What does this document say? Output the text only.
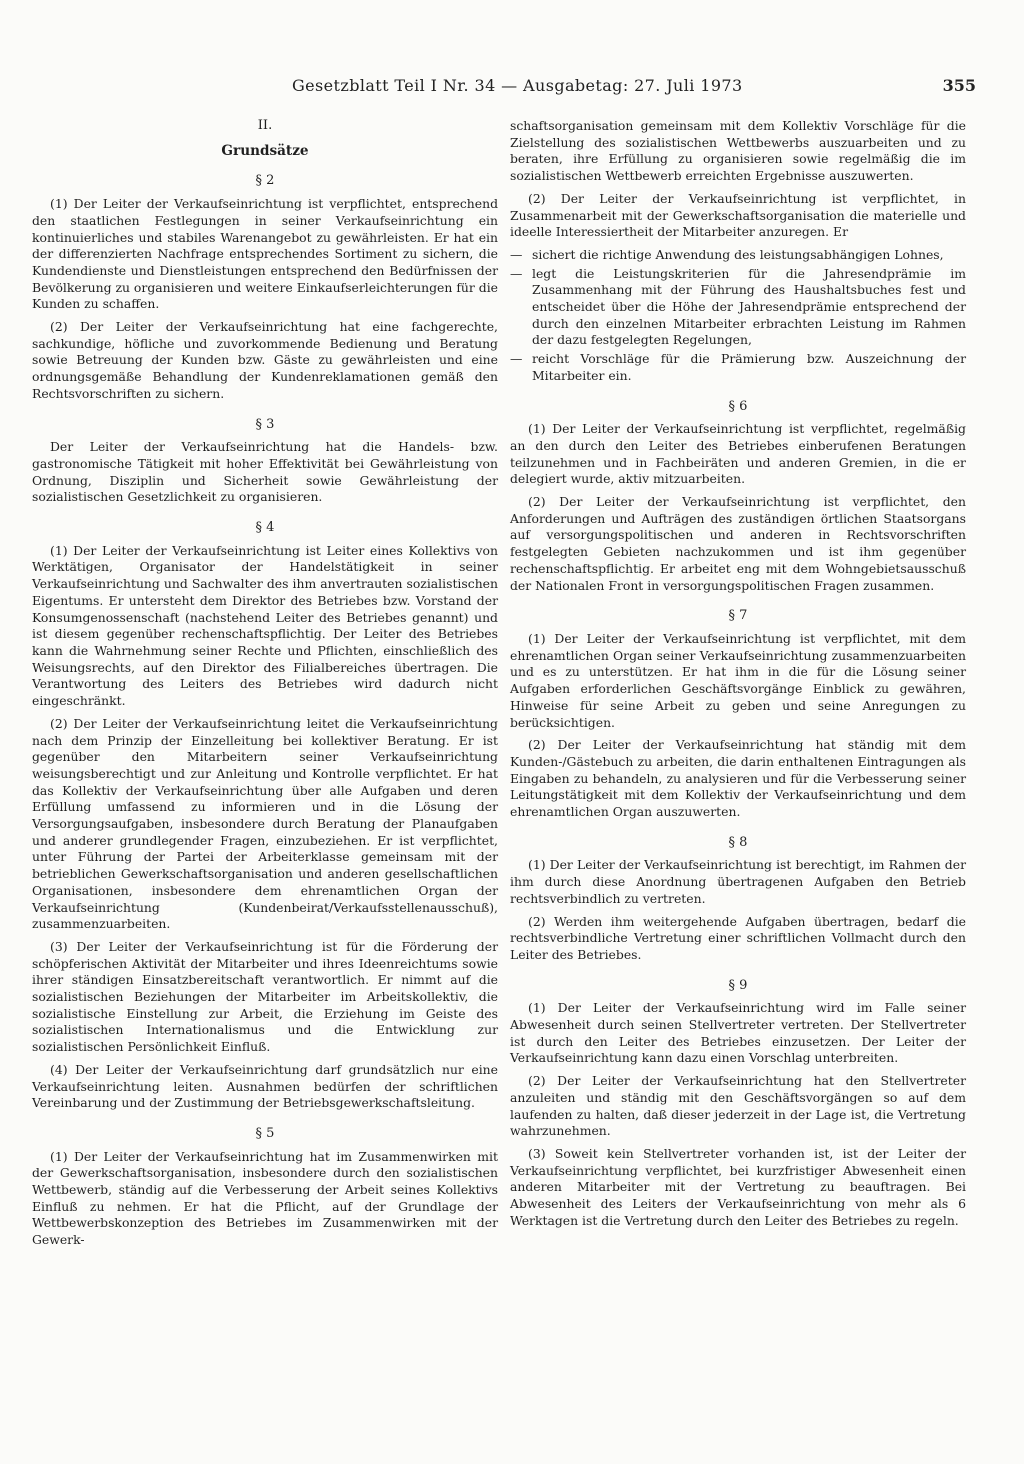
Gesetzblatt Teil I Nr. 34 — Ausgabetag: 27. Juli 1973	355
II.
Grundsätze
§ 2

(1) Der Leiter der Verkaufseinrichtung ist verpflichtet, entsprechend den staatlichen Festlegungen in seiner Verkaufseinrichtung ein kontinuierliches und stabiles Warenangebot zu gewährleisten. Er hat ein der differenzierten Nachfrage entsprechendes Sortiment zu sichern, die Kundendienste und Dienstleistungen entsprechend den Bedürfnissen der Bevölkerung zu organisieren und weitere Einkaufserleichterungen für die Kunden zu schaffen.

(2) Der Leiter der Verkaufseinrichtung hat eine fachgerechte, sachkundige, höfliche und zuvorkommende Bedienung und Beratung sowie Betreuung der Kunden bzw. Gäste zu gewährleisten und eine ordnungsgemäße Behandlung der Kundenreklamationen gemäß den Rechtsvorschriften zu sichern.

§ 3

Der Leiter der Verkaufseinrichtung hat die Handels- bzw. gastronomische Tätigkeit mit hoher Effektivität bei Gewährleistung von Ordnung, Disziplin und Sicherheit sowie Gewährleistung der sozialistischen Gesetzlichkeit zu organisieren.

§ 4

(1) Der Leiter der Verkaufseinrichtung ist Leiter eines Kollektivs von Werktätigen, Organisator der Handelstätigkeit in seiner Verkaufseinrichtung und Sachwalter des ihm anvertrauten sozialistischen Eigentums. Er untersteht dem Direktor des Betriebes bzw. Vorstand der Konsumgenossenschaft (nachstehend Leiter des Betriebes genannt) und ist diesem gegenüber rechenschaftspflichtig. Der Leiter des Betriebes kann die Wahrnehmung seiner Rechte und Pflichten, einschließlich des Weisungsrechts, auf den Direktor des Filialbereiches übertragen. Die Verantwortung des Leiters des Betriebes wird dadurch nicht eingeschränkt.

(2) Der Leiter der Verkaufseinrichtung leitet die Verkaufseinrichtung nach dem Prinzip der Einzelleitung bei kollektiver Beratung. Er ist gegenüber den Mitarbeitern seiner Verkaufseinrichtung weisungsberechtigt und zur Anleitung und Kontrolle verpflichtet. Er hat das Kollektiv der Verkaufseinrichtung über alle Aufgaben und deren Erfüllung umfassend zu informieren und in die Lösung der Versorgungsaufgaben, insbesondere durch Beratung der Planaufgaben und anderer grundlegender Fragen, einzubeziehen. Er ist verpflichtet, unter Führung der Partei der Arbeiterklasse gemeinsam mit der betrieblichen Gewerkschaftsorganisation und anderen gesellschaftlichen Organisationen, insbesondere dem ehrenamtlichen Organ der Verkaufseinrichtung (Kundenbeirat/Verkaufsstellenausschuß), zusammenzuarbeiten.

(3) Der Leiter der Verkaufseinrichtung ist für die Förderung der schöpferischen Aktivität der Mitarbeiter und ihres Ideenreichtums sowie ihrer ständigen Einsatzbereitschaft verantwortlich. Er nimmt auf die sozialistischen Beziehungen der Mitarbeiter im Arbeitskollektiv, die sozialistische Einstellung zur Arbeit, die Erziehung im Geiste des sozialistischen Internationalismus und die Entwicklung zur sozialistischen Persönlichkeit Einfluß.

(4) Der Leiter der Verkaufseinrichtung darf grundsätzlich nur eine Verkaufseinrichtung leiten. Ausnahmen bedürfen der schriftlichen Vereinbarung und der Zustimmung der Betriebsgewerkschaftsleitung.

§ 5

(1) Der Leiter der Verkaufseinrichtung hat im Zusammenwirken mit der Gewerkschaftsorganisation, insbesondere durch den sozialistischen Wettbewerb, ständig auf die Verbesserung der Arbeit seines Kollektivs Einfluß zu nehmen. Er hat die Pflicht, auf der Grundlage der Wettbewerbskonzeption des Betriebes im Zusammenwirken mit der Gewerk-

schaftsorganisation gemeinsam mit dem Kollektiv Vorschläge für die Zielstellung des sozialistischen Wettbewerbs auszuarbeiten und zu beraten, ihre Erfüllung zu organisieren sowie regelmäßig die im sozialistischen Wettbewerb erreichten Ergebnisse auszuwerten.

(2) Der Leiter der Verkaufseinrichtung ist verpflichtet, in Zusammenarbeit mit der Gewerkschaftsorganisation die materielle und ideelle Interessiertheit der Mitarbeiter anzuregen. Er

— sichert die richtige Anwendung des leistungsabhängigen Lohnes,
— legt die Leistungskriterien für die Jahresendprämie im Zusammenhang mit der Führung des Haushaltsbuches fest und entscheidet über die Höhe der Jahresendprämie entsprechend der durch den einzelnen Mitarbeiter erbrachten Leistung im Rahmen der dazu festgelegten Regelungen,
— reicht Vorschläge für die Prämierung bzw. Auszeichnung der Mitarbeiter ein.
§ 6

(1) Der Leiter der Verkaufseinrichtung ist verpflichtet, regelmäßig an den durch den Leiter des Betriebes einberufenen Beratungen teilzunehmen und in Fachbeiräten und anderen Gremien, in die er delegiert wurde, aktiv mitzuarbeiten.

(2) Der Leiter der Verkaufseinrichtung ist verpflichtet, den Anforderungen und Aufträgen des zuständigen örtlichen Staatsorgans auf versorgungspolitischen und anderen in Rechtsvorschriften festgelegten Gebieten nachzukommen und ist ihm gegenüber rechenschaftspflichtig. Er arbeitet eng mit dem Wohngebietsausschuß der Nationalen Front in versorgungspolitischen Fragen zusammen.

§ 7

(1) Der Leiter der Verkaufseinrichtung ist verpflichtet, mit dem ehrenamtlichen Organ seiner Verkaufseinrichtung zusammenzuarbeiten und es zu unterstützen. Er hat ihm in die für die Lösung seiner Aufgaben erforderlichen Geschäftsvorgänge Einblick zu gewähren, Hinweise für seine Arbeit zu geben und seine Anregungen zu berücksichtigen.

(2) Der Leiter der Verkaufseinrichtung hat ständig mit dem Kunden-/Gästebuch zu arbeiten, die darin enthaltenen Eintragungen als Eingaben zu behandeln, zu analysieren und für die Verbesserung seiner Leitungstätigkeit mit dem Kollektiv der Verkaufseinrichtung und dem ehrenamtlichen Organ auszuwerten.

§ 8

(1) Der Leiter der Verkaufseinrichtung ist berechtigt, im Rahmen der ihm durch diese Anordnung übertragenen Aufgaben den Betrieb rechtsverbindlich zu vertreten.

(2) Werden ihm weitergehende Aufgaben übertragen, bedarf die rechtsverbindliche Vertretung einer schriftlichen Vollmacht durch den Leiter des Betriebes.

§ 9

(1) Der Leiter der Verkaufseinrichtung wird im Falle seiner Abwesenheit durch seinen Stellvertreter vertreten. Der Stellvertreter ist durch den Leiter des Betriebes einzusetzen. Der Leiter der Verkaufseinrichtung kann dazu einen Vorschlag unterbreiten.

(2) Der Leiter der Verkaufseinrichtung hat den Stellvertreter anzuleiten und ständig mit den Geschäftsvorgängen so auf dem laufenden zu halten, daß dieser jederzeit in der Lage ist, die Vertretung wahrzunehmen.

(3) Soweit kein Stellvertreter vorhanden ist, ist der Leiter der Verkaufseinrichtung verpflichtet, bei kurzfristiger Abwesenheit einen anderen Mitarbeiter mit der Vertretung zu beauftragen. Bei Abwesenheit des Leiters der Verkaufseinrichtung von mehr als 6 Werktagen ist die Vertretung durch den Leiter des Betriebes zu regeln.
